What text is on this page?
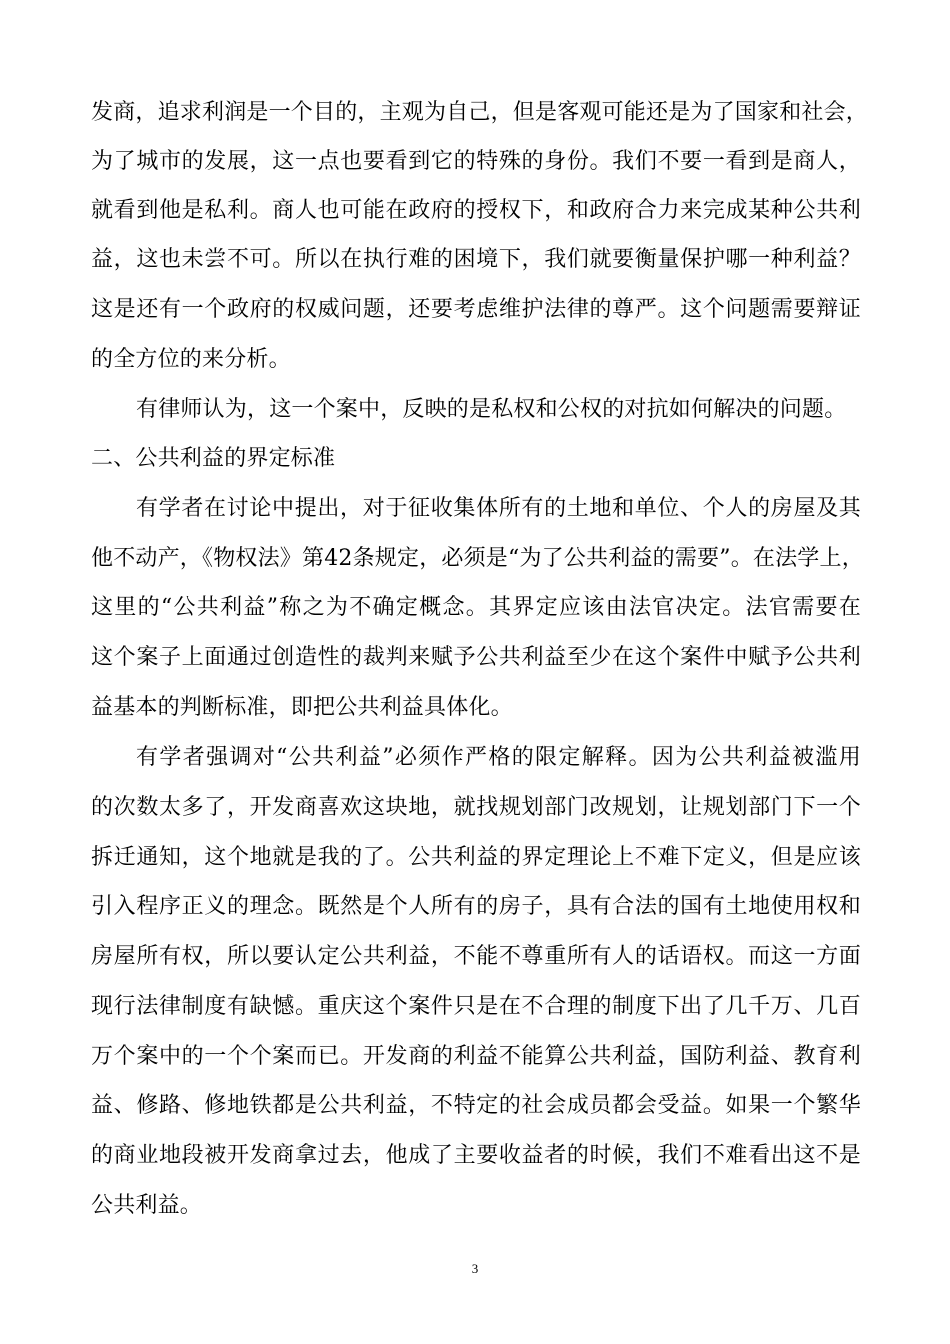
发商，追求利润是一个目的，主观为自己，但是客观可能还是为了国家和社会，
为了城市的发展，这一点也要看到它的特殊的身份。我们不要一看到是商人，
就看到他是私利。商人也可能在政府的授权下，和政府合力来完成某种公共利
益，这也未尝不可。所以在执行难的困境下，我们就要衡量保护哪一种利益？
这是还有一个政府的权威问题，还要考虑维护法律的尊严。这个问题需要辩证
的全方位的来分析。
有律师认为，这一个案中，反映的是私权和公权的对抗如何解决的问题。
二、公共利益的界定标准
有学者在讨论中提出，对于征收集体所有的土地和单位、个人的房屋及其
他不动产，《物权法》第42条规定，必须是“为了公共利益的需要”。在法学上，
这里的“公共利益”称之为不确定概念。其界定应该由法官决定。法官需要在
这个案子上面通过创造性的裁判来赋予公共利益至少在这个案件中赋予公共利
益基本的判断标准，即把公共利益具体化。
有学者强调对“公共利益”必须作严格的限定解释。因为公共利益被滥用
的次数太多了，开发商喜欢这块地，就找规划部门改规划，让规划部门下一个
拆迁通知，这个地就是我的了。公共利益的界定理论上不难下定义，但是应该
引入程序正义的理念。既然是个人所有的房子，具有合法的国有土地使用权和
房屋所有权，所以要认定公共利益，不能不尊重所有人的话语权。而这一方面
现行法律制度有缺憾。重庆这个案件只是在不合理的制度下出了几千万、几百
万个案中的一个个案而已。开发商的利益不能算公共利益，国防利益、教育利
益、修路、修地铁都是公共利益，不特定的社会成员都会受益。如果一个繁华
的商业地段被开发商拿过去，他成了主要收益者的时候，我们不难看出这不是
公共利益。
3
